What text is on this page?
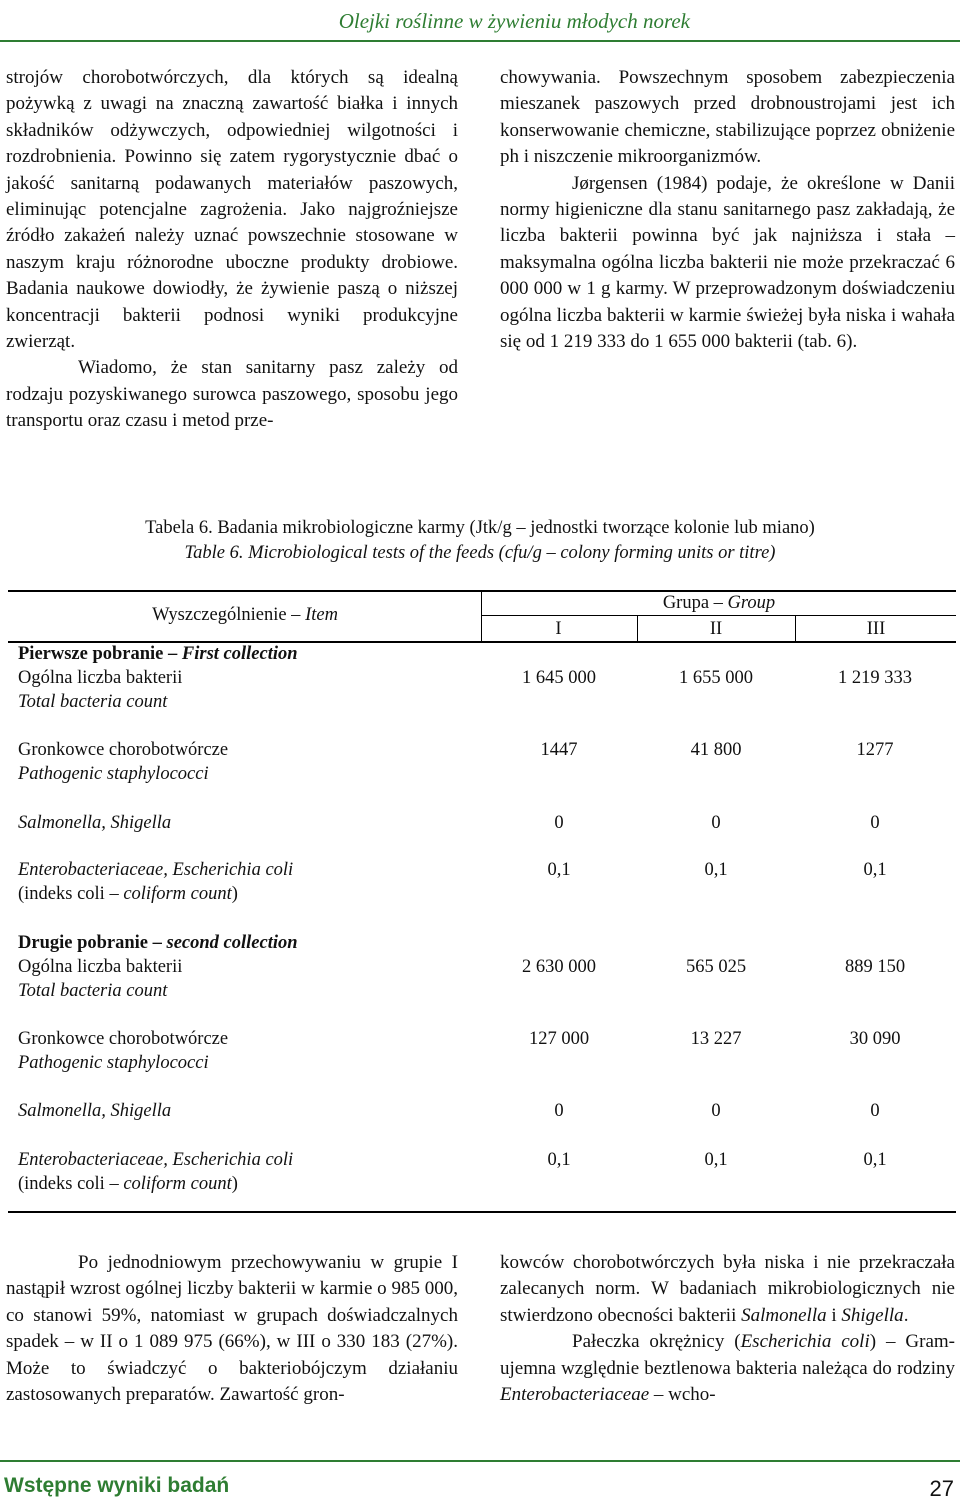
Olejki roślinne w żywieniu młodych norek

strojów chorobotwórczych, dla których są idealną pożywką z uwagi na znaczną zawartość białka i innych składników odżywczych, odpowiedniej wilgotności i rozdrobnienia. Powinno się zatem rygorystycznie dbać o jakość sanitarną podawanych materiałów paszowych, eliminując potencjalne zagrożenia. Jako najgroźniejsze źródło zakażeń należy uznać powszechnie stosowane w naszym kraju różnorodne uboczne produkty drobiowe. Badania naukowe dowiodły, że żywienie paszą o niższej koncentracji bakterii podnosi wyniki produkcyjne zwierząt.

Wiadomo, że stan sanitarny pasz zależy od rodzaju pozyskiwanego surowca paszowego, sposobu jego transportu oraz czasu i metod prze-

chowywania. Powszechnym sposobem zabezpieczenia mieszanek paszowych przed drobnoustrojami jest ich konserwowanie chemiczne, stabilizujące poprzez obniżenie ph i niszczenie mikroorganizmów.

Jørgensen (1984) podaje, że określone w Danii normy higieniczne dla stanu sanitarnego pasz zakładają, że liczba bakterii powinna być jak najniższa i stała – maksymalna ogólna liczba bakterii nie może przekraczać 6 000 000 w 1 g karmy. W przeprowadzonym doświadczeniu ogólna liczba bakterii w karmie świeżej była niska i wahała się od 1 219 333 do 1 655 000 bakterii (tab. 6).

Tabela 6. Badania mikrobiologiczne karmy (Jtk/g – jednostki tworzące kolonie lub miano)
Table 6. Microbiological tests of the feeds (cfu/g – colony forming units or titre)
Wyszczególnienie – Item
Grupa – Group
I	II	III
Pierwsze pobranie – First collection
Ogólna liczba bakterii
Total bacteria count
1 645 000	1 655 000	1 219 333
Gronkowce chorobotwórcze
Pathogenic staphylococci
1447	41 800	1277
Salmonella, Shigella	0	0	0
Enterobacteriaceae, Escherichia coli
(indeks coli – coliform count)
0,1	0,1	0,1
Drugie pobranie – second collection
Ogólna liczba bakterii
Total bacteria count
2 630 000	565 025	889 150
Gronkowce chorobotwórcze
Pathogenic staphylococci
127 000	13 227	30 090
Salmonella, Shigella	0	0	0
Enterobacteriaceae, Escherichia coli
(indeks coli – coliform count)
0,1	0,1	0,1

Po jednodniowym przechowywaniu w grupie I nastąpił wzrost ogólnej liczby bakterii w karmie o 985 000, co stanowi 59%, natomiast w grupach doświadczalnych spadek – w II o 1 089 975 (66%), w III o 330 183 (27%). Może to świadczyć o bakteriobójczym działaniu zastosowanych preparatów. Zawartość gron-

kowców chorobotwórczych była niska i nie przekraczała zalecanych norm. W badaniach mikrobiologicznych nie stwierdzono obecności bakterii Salmonella i Shigella.

Pałeczka okrężnicy (Escherichia coli) – Gram-ujemna względnie beztlenowa bakteria należąca do rodziny Enterobacteriaceae – wcho-

Wstępne wyniki badań	27
